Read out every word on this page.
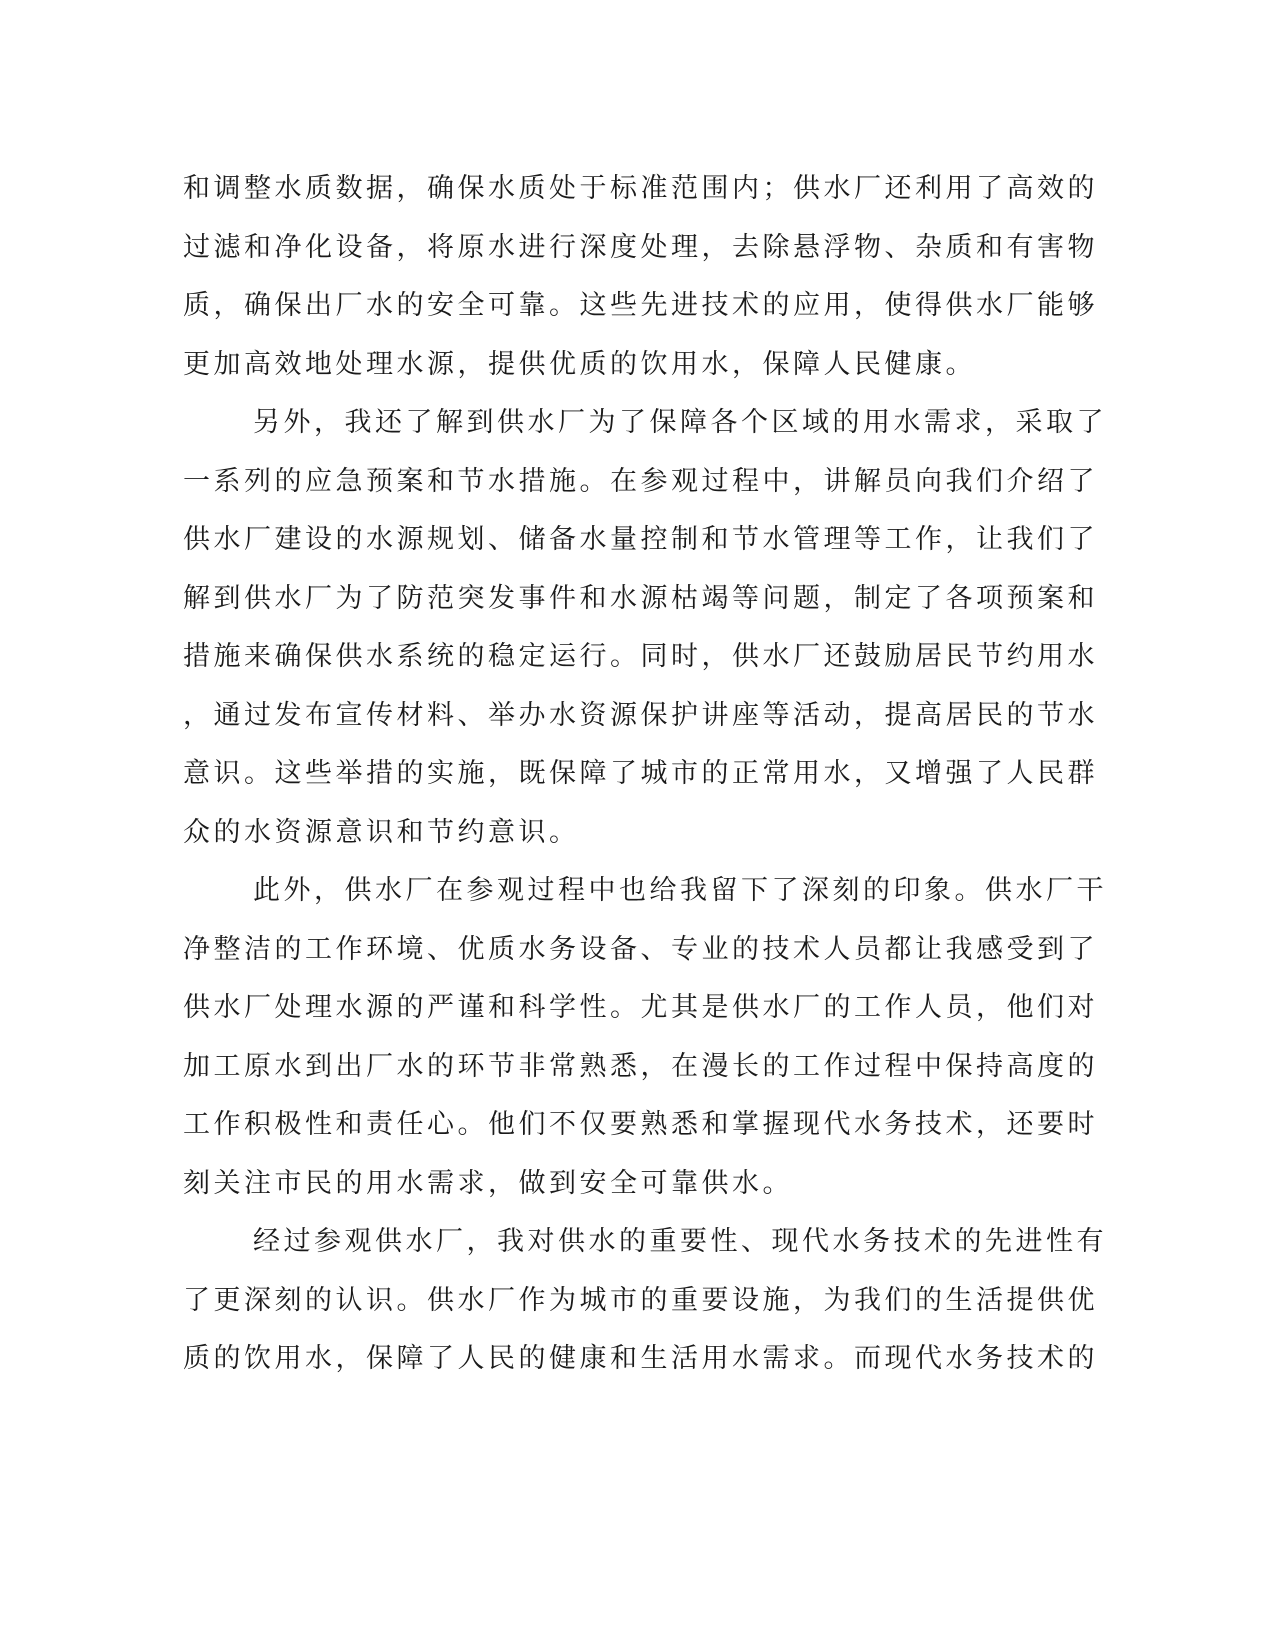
和调整水质数据，确保水质处于标准范围内；供水厂还利用了高效的
过滤和净化设备，将原水进行深度处理，去除悬浮物、杂质和有害物
质，确保出厂水的安全可靠。这些先进技术的应用，使得供水厂能够
更加高效地处理水源，提供优质的饮用水，保障人民健康。
另外，我还了解到供水厂为了保障各个区域的用水需求，采取了
一系列的应急预案和节水措施。在参观过程中，讲解员向我们介绍了
供水厂建设的水源规划、储备水量控制和节水管理等工作，让我们了
解到供水厂为了防范突发事件和水源枯竭等问题，制定了各项预案和
措施来确保供水系统的稳定运行。同时，供水厂还鼓励居民节约用水
，通过发布宣传材料、举办水资源保护讲座等活动，提高居民的节水
意识。这些举措的实施，既保障了城市的正常用水，又增强了人民群
众的水资源意识和节约意识。
此外，供水厂在参观过程中也给我留下了深刻的印象。供水厂干
净整洁的工作环境、优质水务设备、专业的技术人员都让我感受到了
供水厂处理水源的严谨和科学性。尤其是供水厂的工作人员，他们对
加工原水到出厂水的环节非常熟悉，在漫长的工作过程中保持高度的
工作积极性和责任心。他们不仅要熟悉和掌握现代水务技术，还要时
刻关注市民的用水需求，做到安全可靠供水。
经过参观供水厂，我对供水的重要性、现代水务技术的先进性有
了更深刻的认识。供水厂作为城市的重要设施，为我们的生活提供优
质的饮用水，保障了人民的健康和生活用水需求。而现代水务技术的
